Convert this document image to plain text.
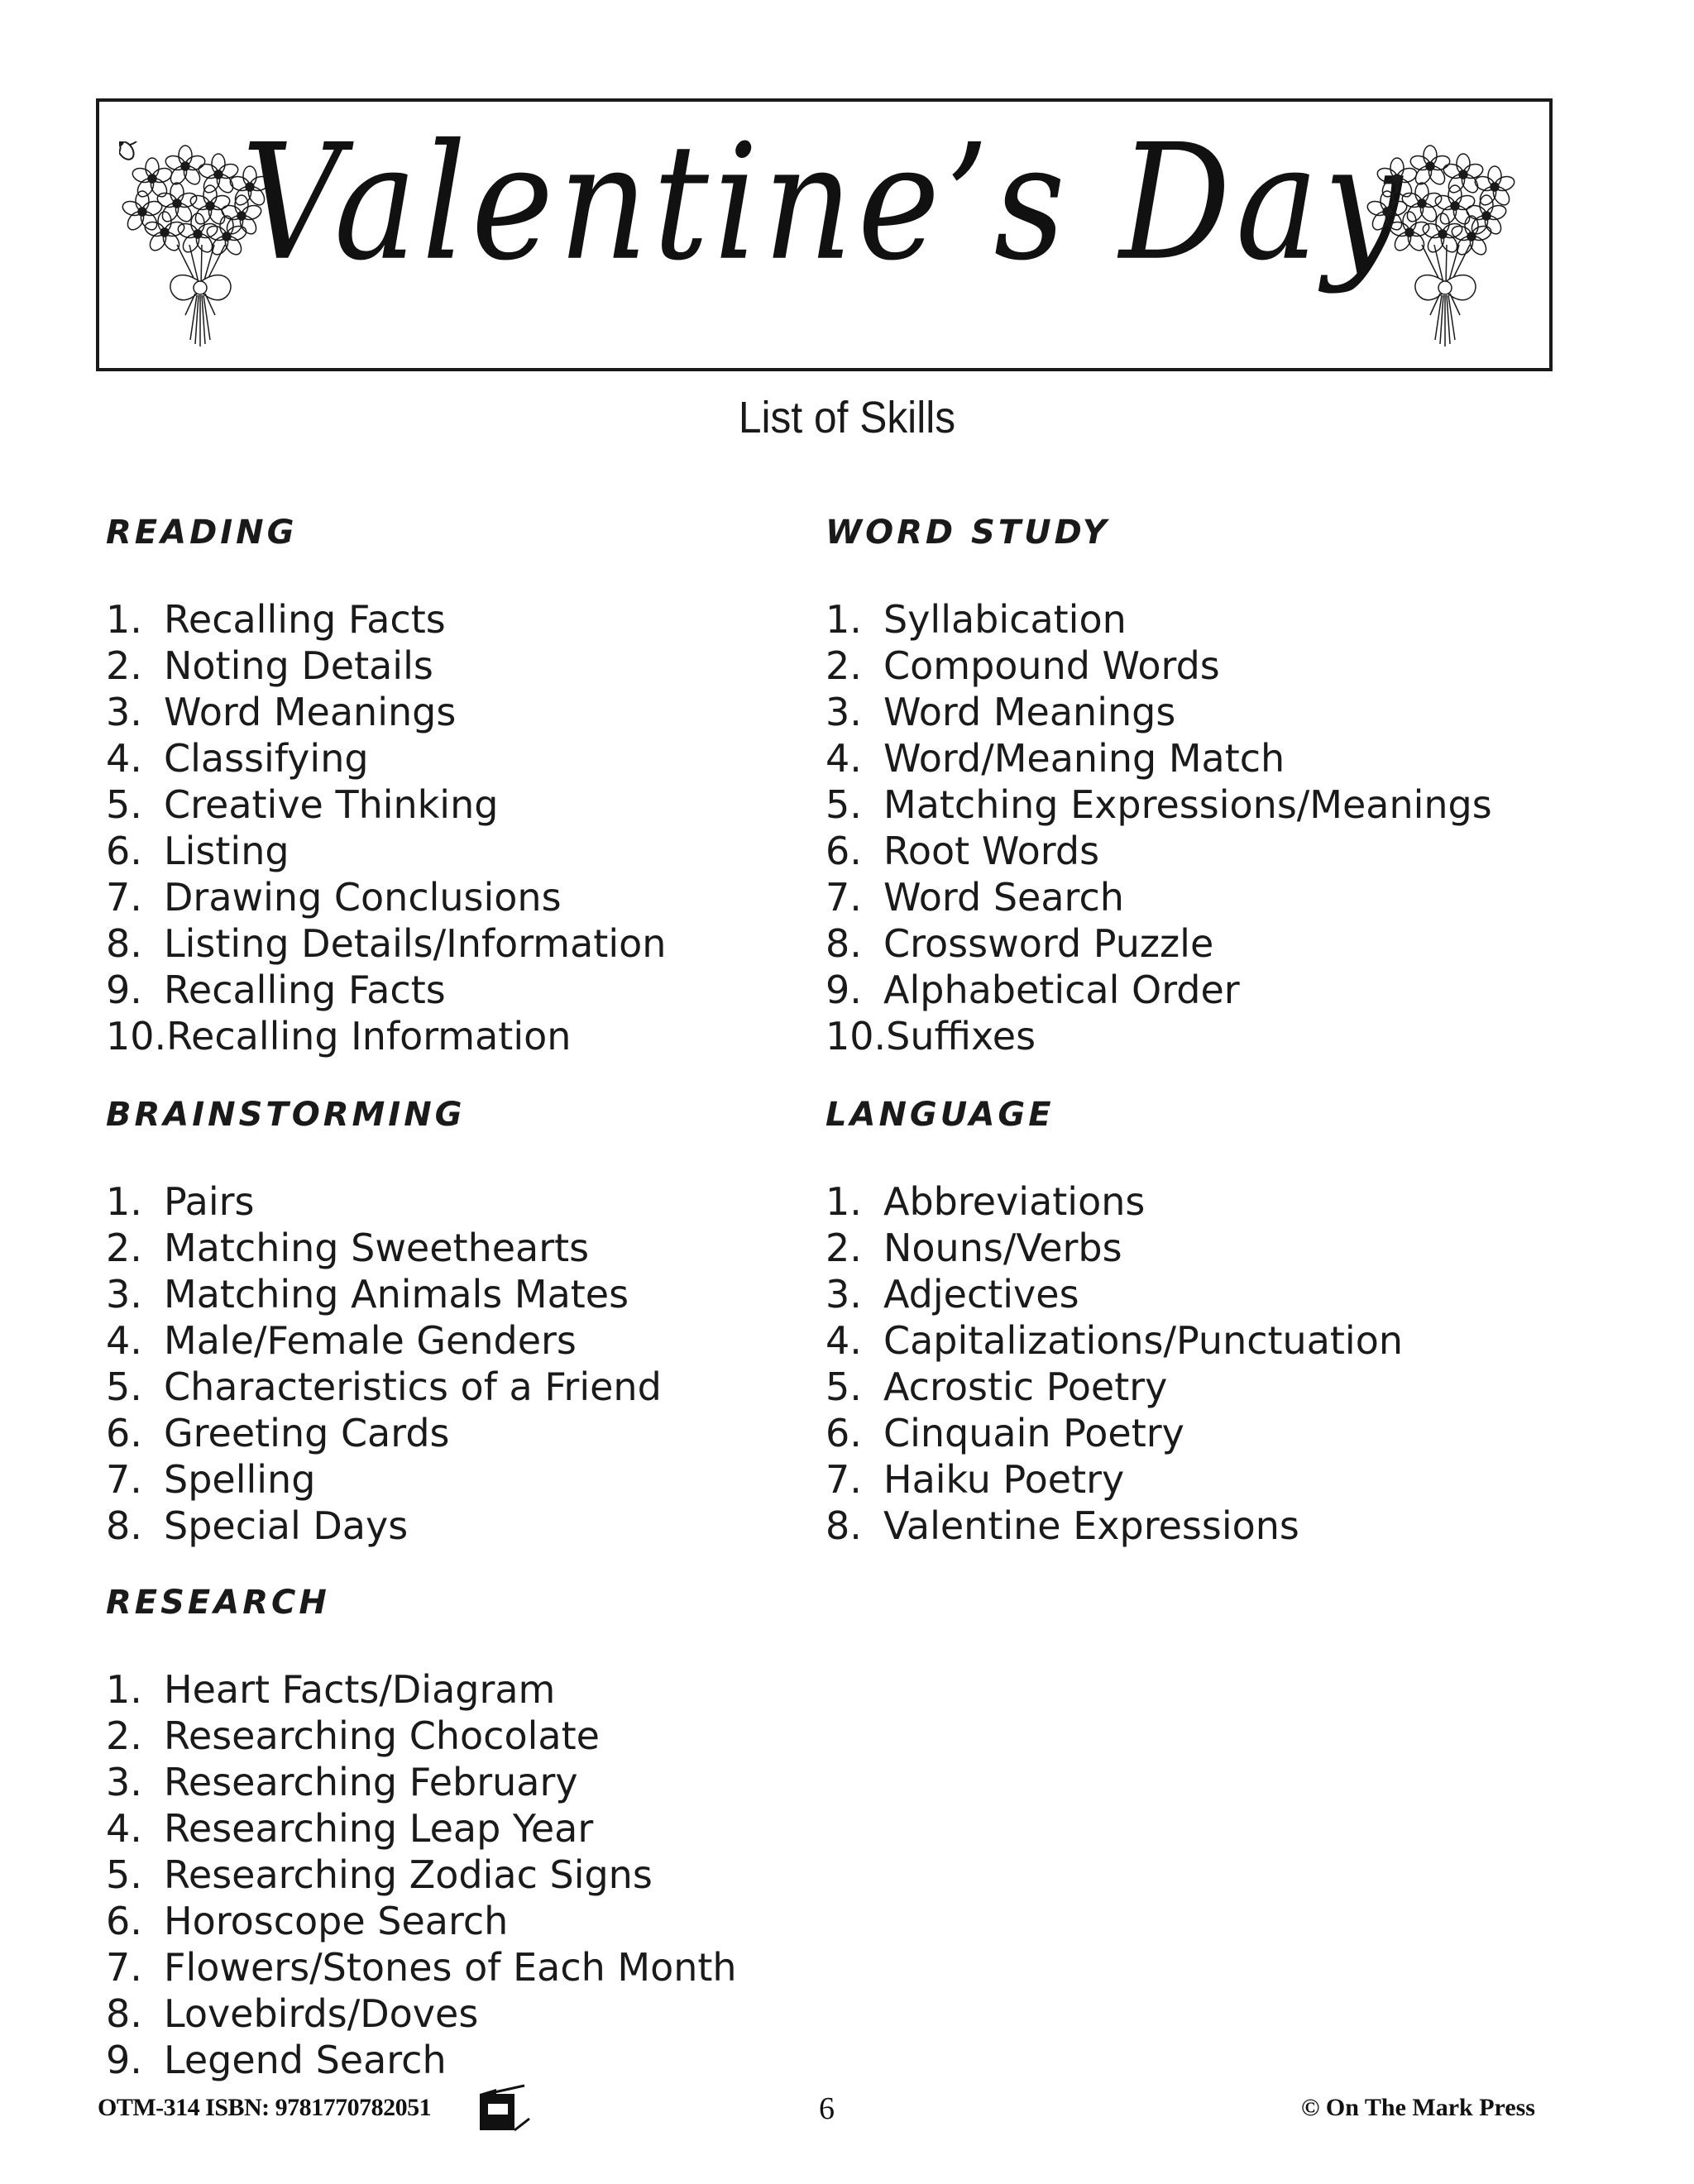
Valentine’s Day
List of Skills
READING
1. Recalling Facts
2. Noting Details
3. Word Meanings
4. Classifying
5. Creative Thinking
6. Listing
7. Drawing Conclusions
8. Listing Details/Information
9. Recalling Facts
10.Recalling Information
WORD STUDY
1. Syllabication
2. Compound Words
3. Word Meanings
4. Word/Meaning Match
5. Matching Expressions/Meanings
6. Root Words
7. Word Search
8. Crossword Puzzle
9. Alphabetical Order
10.Suffixes
BRAINSTORMING
1. Pairs
2. Matching Sweethearts
3. Matching Animals Mates
4. Male/Female Genders
5. Characteristics of a Friend
6. Greeting Cards
7. Spelling
8. Special Days
LANGUAGE
1. Abbreviations
2. Nouns/Verbs
3. Adjectives
4. Capitalizations/Punctuation
5. Acrostic Poetry
6. Cinquain Poetry
7. Haiku Poetry
8. Valentine Expressions
RESEARCH
1. Heart Facts/Diagram
2. Researching Chocolate
3. Researching February
4. Researching Leap Year
5. Researching Zodiac Signs
6. Horoscope Search
7. Flowers/Stones of Each Month
8. Lovebirds/Doves
9. Legend Search
OTM-314 ISBN: 9781770782051	6	© On The Mark Press
